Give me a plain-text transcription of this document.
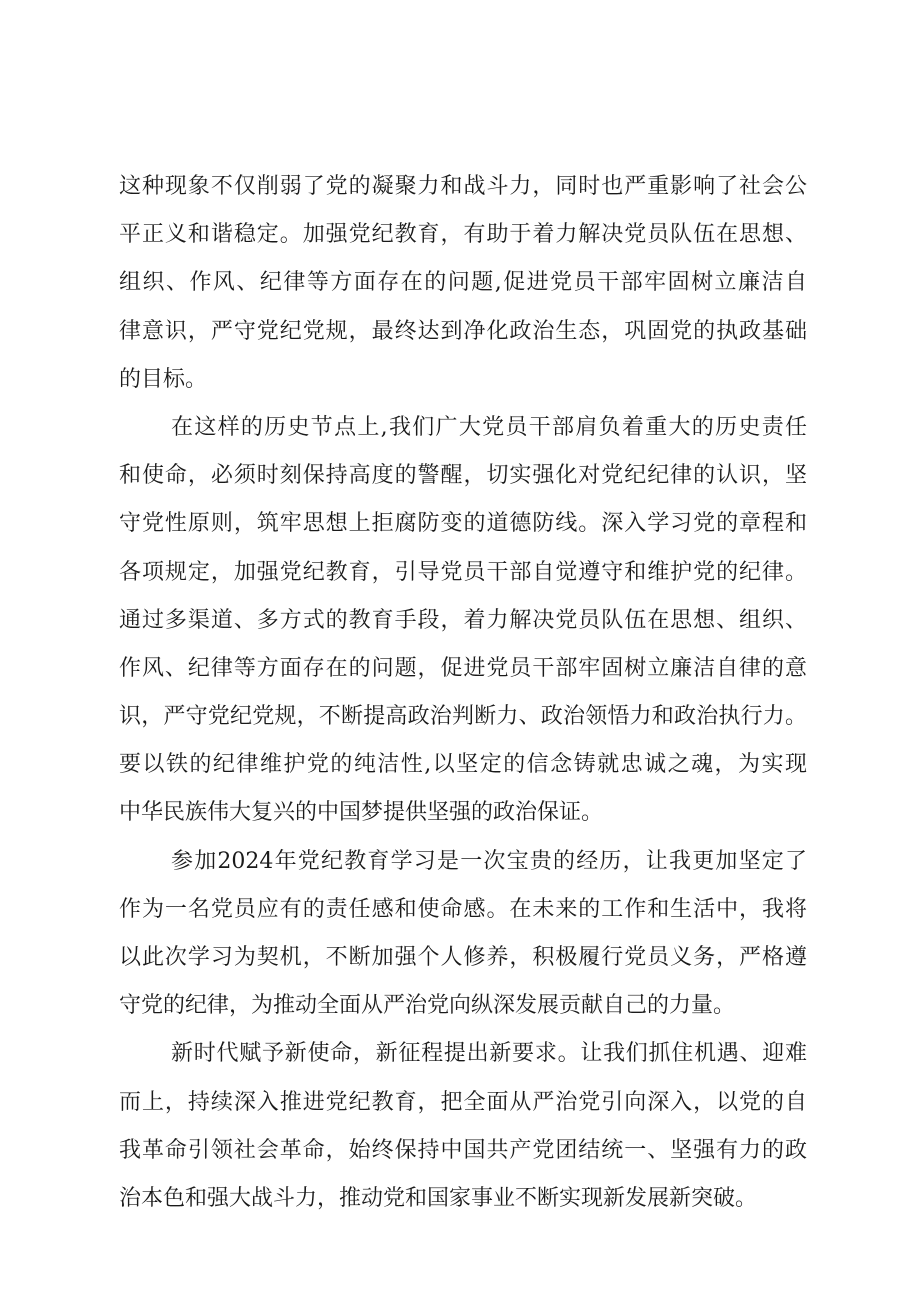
这种现象不仅削弱了党的凝聚力和战斗力，同时也严重影响了社会公
平正义和谐稳定。加强党纪教育，有助于着力解决党员队伍在思想、
组织、作风、纪律等方面存在的问题,促进党员干部牢固树立廉洁自
律意识，严守党纪党规，最终达到净化政治生态，巩固党的执政基础
的目标。
在这样的历史节点上,我们广大党员干部肩负着重大的历史责任
和使命，必须时刻保持高度的警醒，切实强化对党纪纪律的认识，坚
守党性原则，筑牢思想上拒腐防变的道德防线。深入学习党的章程和
各项规定，加强党纪教育，引导党员干部自觉遵守和维护党的纪律。
通过多渠道、多方式的教育手段，着力解决党员队伍在思想、组织、
作风、纪律等方面存在的问题，促进党员干部牢固树立廉洁自律的意
识，严守党纪党规，不断提高政治判断力、政治领悟力和政治执行力。
要以铁的纪律维护党的纯洁性,以坚定的信念铸就忠诚之魂，为实现
中华民族伟大复兴的中国梦提供坚强的政治保证。
参加2024年党纪教育学习是一次宝贵的经历，让我更加坚定了
作为一名党员应有的责任感和使命感。在未来的工作和生活中，我将
以此次学习为契机，不断加强个人修养，积极履行党员义务，严格遵
守党的纪律，为推动全面从严治党向纵深发展贡献自己的力量。
新时代赋予新使命，新征程提出新要求。让我们抓住机遇、迎难
而上，持续深入推进党纪教育，把全面从严治党引向深入，以党的自
我革命引领社会革命，始终保持中国共产党团结统一、坚强有力的政
治本色和强大战斗力，推动党和国家事业不断实现新发展新突破。
